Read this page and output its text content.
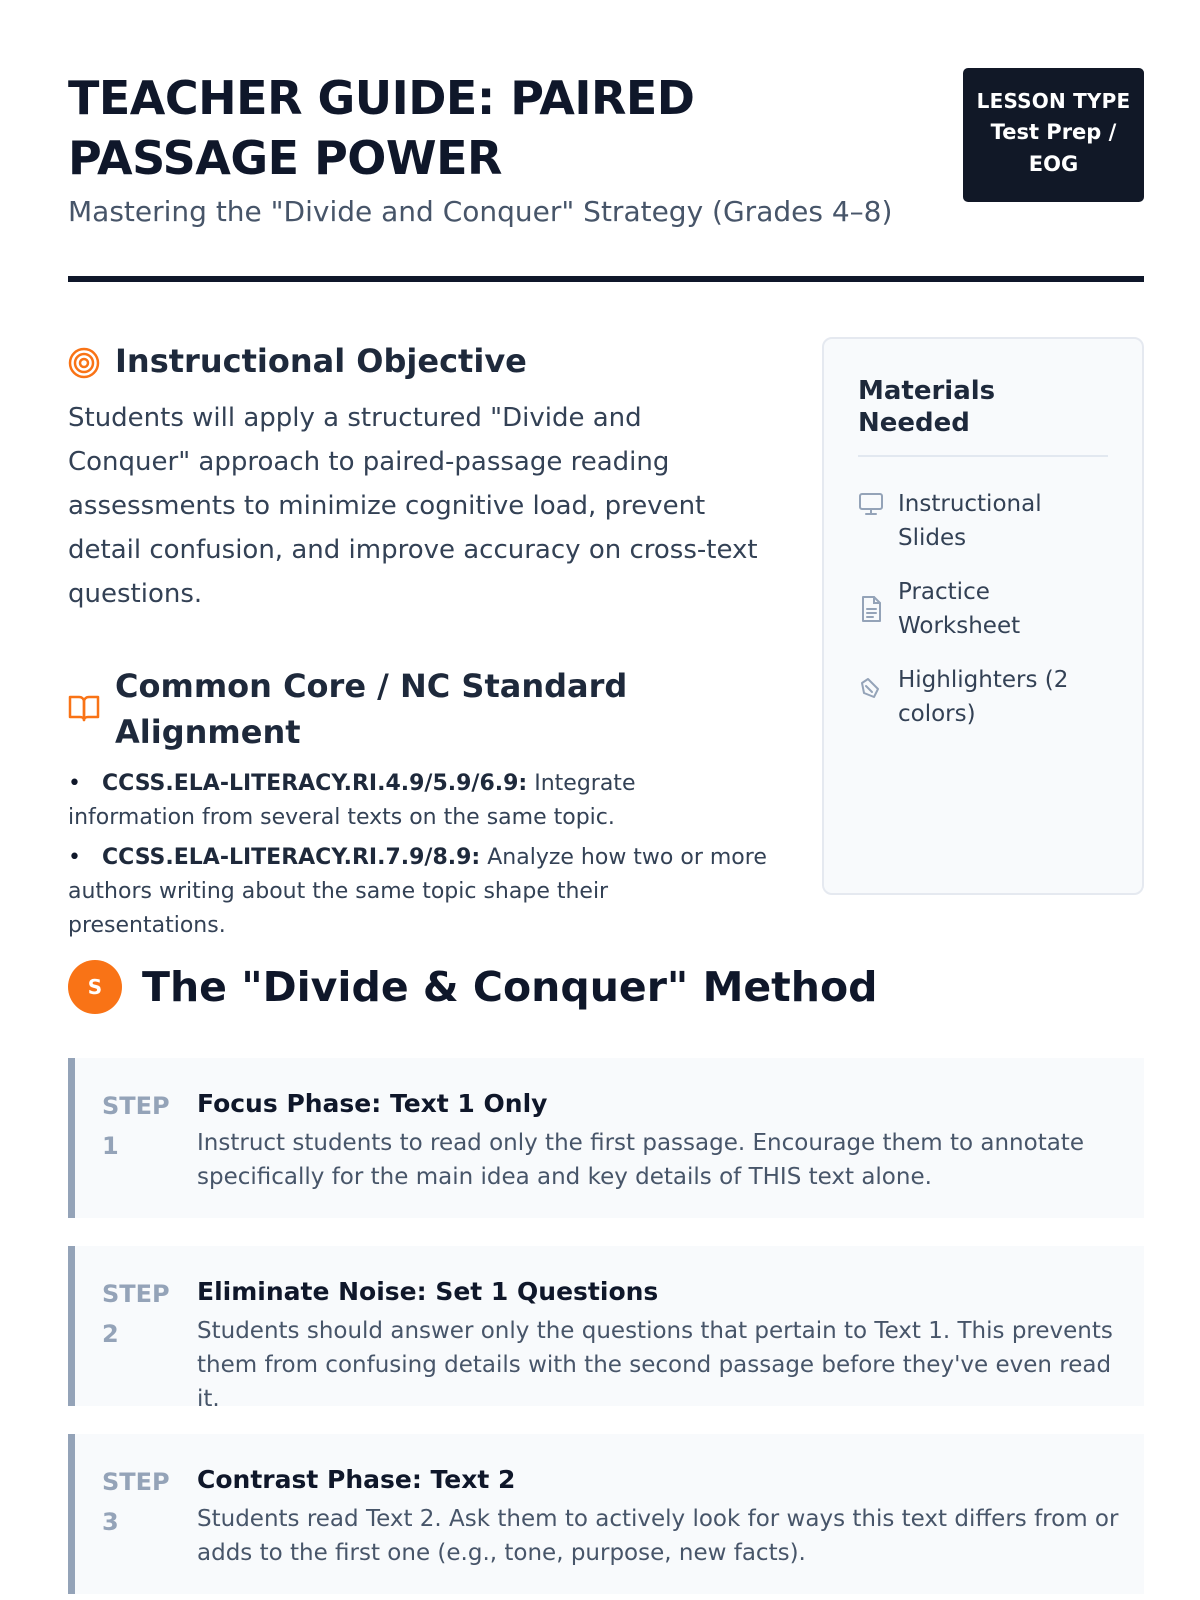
TEACHER GUIDE: PAIRED PASSAGE POWER
Mastering the "Divide and Conquer" Strategy (Grades 4–8)
LESSON TYPE
Test Prep / EOG
Instructional Objective

Students will apply a structured "Divide and Conquer" approach to paired-passage reading assessments to minimize cognitive load, prevent detail confusion, and improve accuracy on cross-text questions.

Common Core / NC Standard Alignment
• CCSS.ELA-LITERACY.RI.4.9/5.9/6.9: Integrate information from several texts on the same topic.
• CCSS.ELA-LITERACY.RI.7.9/8.9: Analyze how two or more authors writing about the same topic shape their presentations.
Materials Needed
Instructional Slides
Practice Worksheet
Highlighters (2 colors)
S The "Divide & Conquer" Method
STEP
1
Focus Phase: Text 1 Only
Instruct students to read only the first passage. Encourage them to annotate specifically for the main idea and key details of THIS text alone.
STEP
2
Eliminate Noise: Set 1 Questions
Students should answer only the questions that pertain to Text 1. This prevents them from confusing details with the second passage before they've even read it.
STEP
3
Contrast Phase: Text 2
Students read Text 2. Ask them to actively look for ways this text differs from or adds to the first one (e.g., tone, purpose, new facts).
